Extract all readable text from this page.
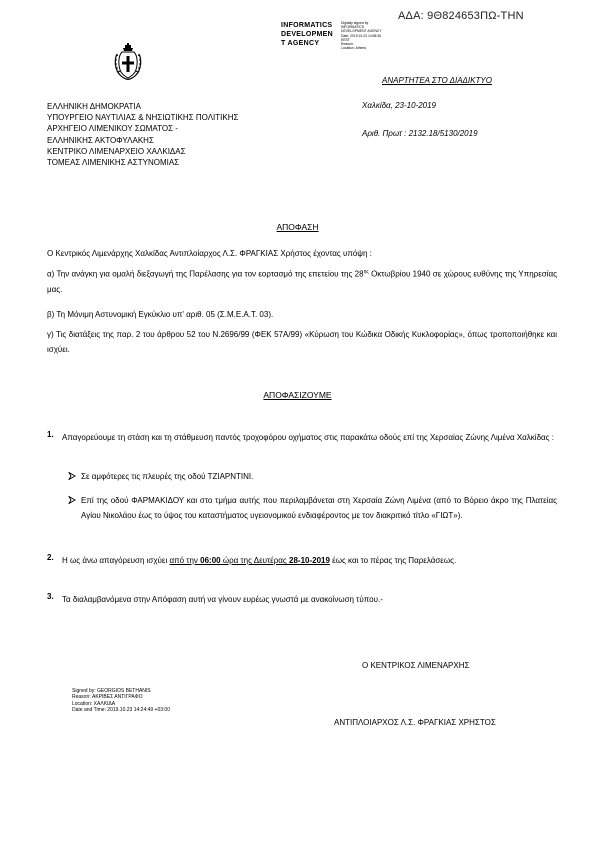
ΑΔΑ: 9Θ824653ΠΩ-ΤΗΝ
INFORMATICS
DEVELOPMEN
T AGENCY
Digitally signed by
INFORMATICS
DEVELOPMENT AGENCY
Date: 2019.10.23 14:58:30
EEST
Reason:
Location: Athens
ΑΝΑΡΤΗΤΕΑ ΣΤΟ ΔΙΑΔΙΚΤΥΟ
ΕΛΛΗΝΙΚΗ ΔΗΜΟΚΡΑΤΙΑ
ΥΠΟΥΡΓΕΙΟ ΝΑΥΤΙΛΙΑΣ & ΝΗΣΙΩΤΙΚΗΣ ΠΟΛΙΤΙΚΗΣ
ΑΡΧΗΓΕΙΟ ΛΙΜΕΝΙΚΟΥ ΣΩΜΑΤΟΣ -
ΕΛΛΗΝΙΚΗΣ ΑΚΤΟΦΥΛΑΚΗΣ
ΚΕΝΤΡΙΚΟ ΛΙΜΕΝΑΡΧΕΙΟ ΧΑΛΚΙΔΑΣ
ΤΟΜΕΑΣ ΛΙΜΕΝΙΚΗΣ ΑΣΤΥΝΟΜΙΑΣ
Χαλκίδα, 23-10-2019
Αριθ. Πρωτ : 2132.18/5130/2019
ΑΠΟΦΑΣΗ
Ο Κεντρικός Λιμενάρχης Χαλκίδας Αντιπλοίαρχος Λ.Σ. ΦΡΑΓΚΙΑΣ Χρήστος έχοντας υπόψη :
α) Την ανάγκη για ομαλή διεξαγωγή της Παρέλασης για τον εορτασμό της επετείου της $28^{\eta\varsigma}$ Οκτωβρίου 1940 σε χώρους ευθύνης της Υπηρεσίας μας.
β) Τη Μόνιμη Αστυνομική Εγκύκλιο υπ' αριθ. 05 (Σ.Μ.Ε.Α.Τ. 03).
γ) Τις διατάξεις της παρ. 2 του άρθρου 52 του Ν.2696/99 (ΦΕΚ 57Α/99) «Κύρωση του Κώδικα Οδικής Κυκλοφορίας», όπως τροποποιήθηκε και ισχύει.
ΑΠΟΦΑΣΙΖΟΥΜΕ
1. Απαγορεύουμε τη στάση και τη στάθμευση παντός τροχοφόρου οχήματος στις παρακάτω οδούς επί της Χερσαίας Ζώνης Λιμένα Χαλκίδας :
Σε αμφότερες τις πλευρές της οδού ΤΖΙΑΡΝΤΙΝΙ.
Επί της οδού ΦΑΡΜΑΚΙΔΟΥ και στο τμήμα αυτής που περιλαμβάνεται στη Χερσαία Ζώνη Λιμένα (από το Βόρειο άκρο της Πλατείας Αγίου Νικολάου έως το ύψος του καταστήματος υγειονομικού ενδιαφέροντος με τον διακριτικό τίτλο «ΓΙΩΤ»).
2. Η ως άνω απαγόρευση ισχύει από την 06:00 ώρα της Δευτέρας 28-10-2019 έως και το πέρας της Παρελάσεως.
3. Τα διαλαμβανόμενα στην Απόφαση αυτή να γίνουν ευρέως γνωστά με ανακοίνωση τύπου.-
Ο ΚΕΝΤΡΙΚΟΣ ΛΙΜΕΝΑΡΧΗΣ
Signed by: GEORGIOS BETHANIS
Reason: ΑΚΡΙΒΕΣ ΑΝΤΙΓΡΑΦΟ
Location: ΧΑΛΚΙΔΑ
Date and Time: 2019.10.23 14:24:49 +03:00
ΑΝΤΙΠΛΟΙΑΡΧΟΣ Λ.Σ. ΦΡΑΓΚΙΑΣ ΧΡΗΣΤΟΣ
